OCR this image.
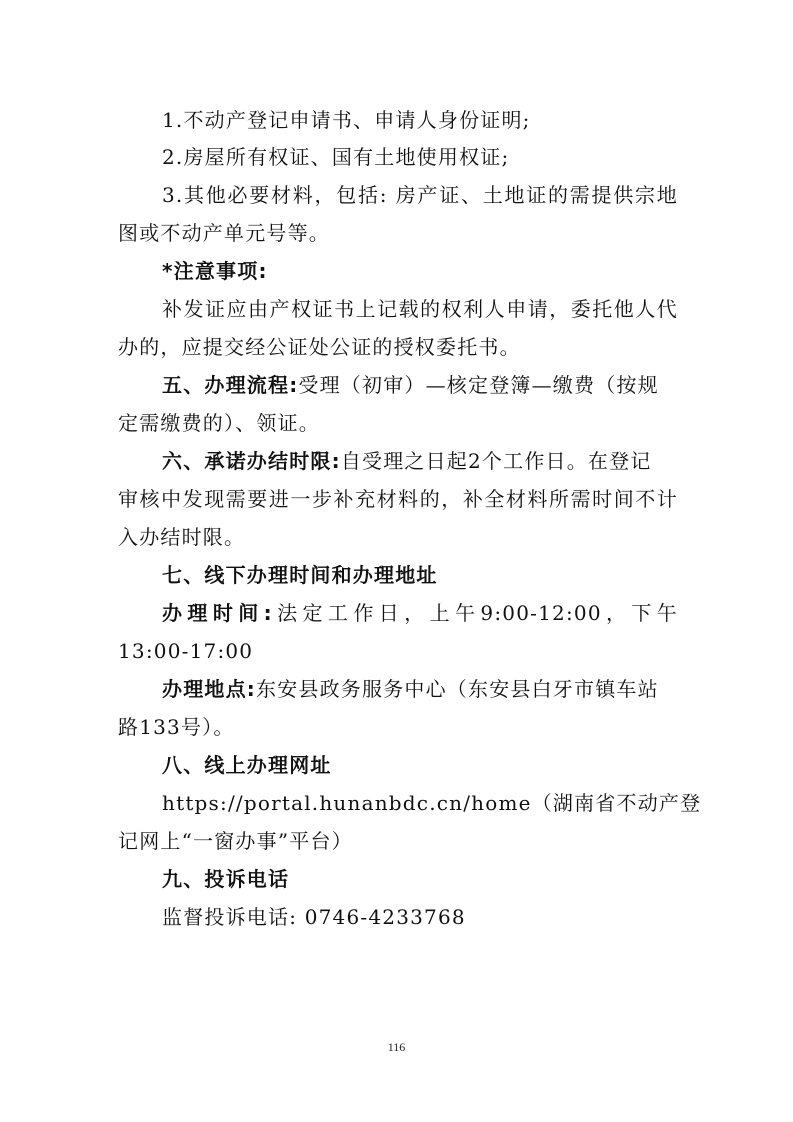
1.不动产登记申请书、申请人身份证明;
2.房屋所有权证、国有土地使用权证;
3.其他必要材料，包括: 房产证、土地证的需提供宗地
图或不动产单元号等。
*注意事项:
补发证应由产权证书上记载的权利人申请，委托他人代
办的，应提交经公证处公证的授权委托书。
五、办理流程:受理（初审）—核定登簿—缴费（按规
定需缴费的）、领证。
六、承诺办结时限:自受理之日起2个工作日。在登记
审核中发现需要进一步补充材料的，补全材料所需时间不计
入办结时限。
七、线下办理时间和办理地址
办理时间:法定工作日，上午9:00-12:00，下午
13:00-17:00
办理地点:东安县政务服务中心（东安县白牙市镇车站
路133号）。
八、线上办理网址
https://portal.hunanbdc.cn/home（湖南省不动产登
记网上“一窗办事”平台）
九、投诉电话
监督投诉电话: 0746-4233768
116
